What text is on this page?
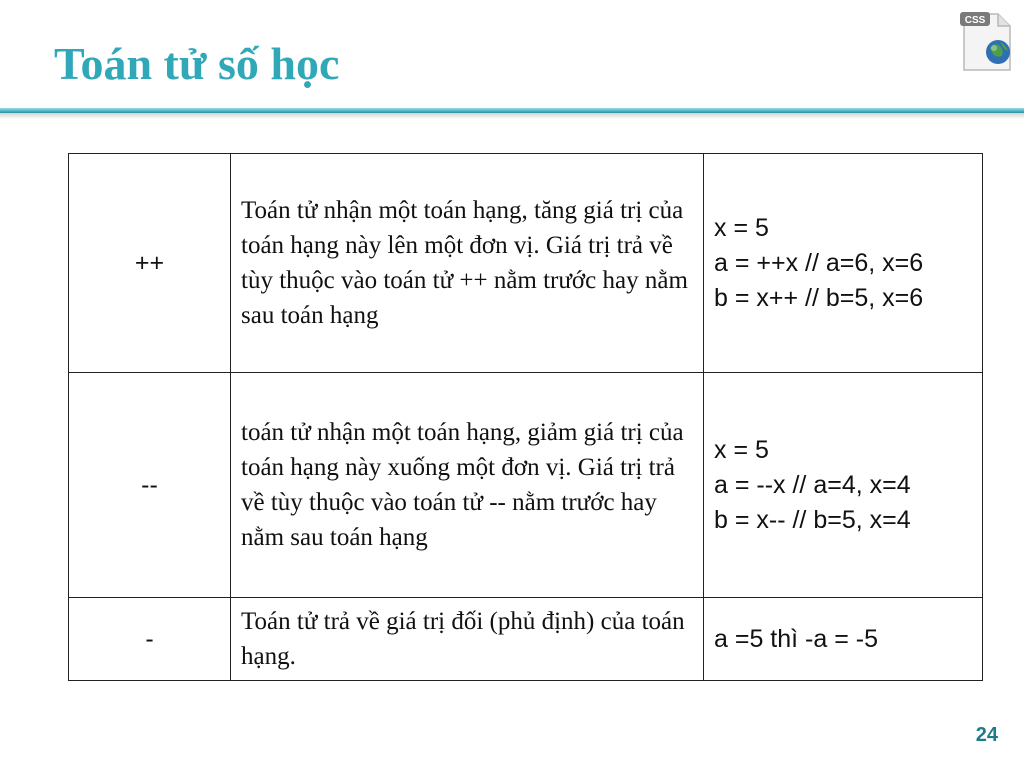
Toán tử số học
CSS
++	Toán tử nhận một toán hạng, tăng giá trị của toán hạng này lên một đơn vị. Giá trị trả về tùy thuộc vào toán tử ++ nằm trước hay nằm sau toán hạng	x = 5
a = ++x // a=6, x=6
b = x++ // b=5, x=6

--	toán tử nhận một toán hạng, giảm giá trị của toán hạng này xuống một đơn vị. Giá trị trả về tùy thuộc vào toán tử -- nằm trước hay nằm sau toán hạng	x = 5
a = --x // a=4, x=4
b = x-- // b=5, x=4

-	Toán tử trả về giá trị đối (phủ định) của toán hạng.	a =5 thì -a = -5
24
